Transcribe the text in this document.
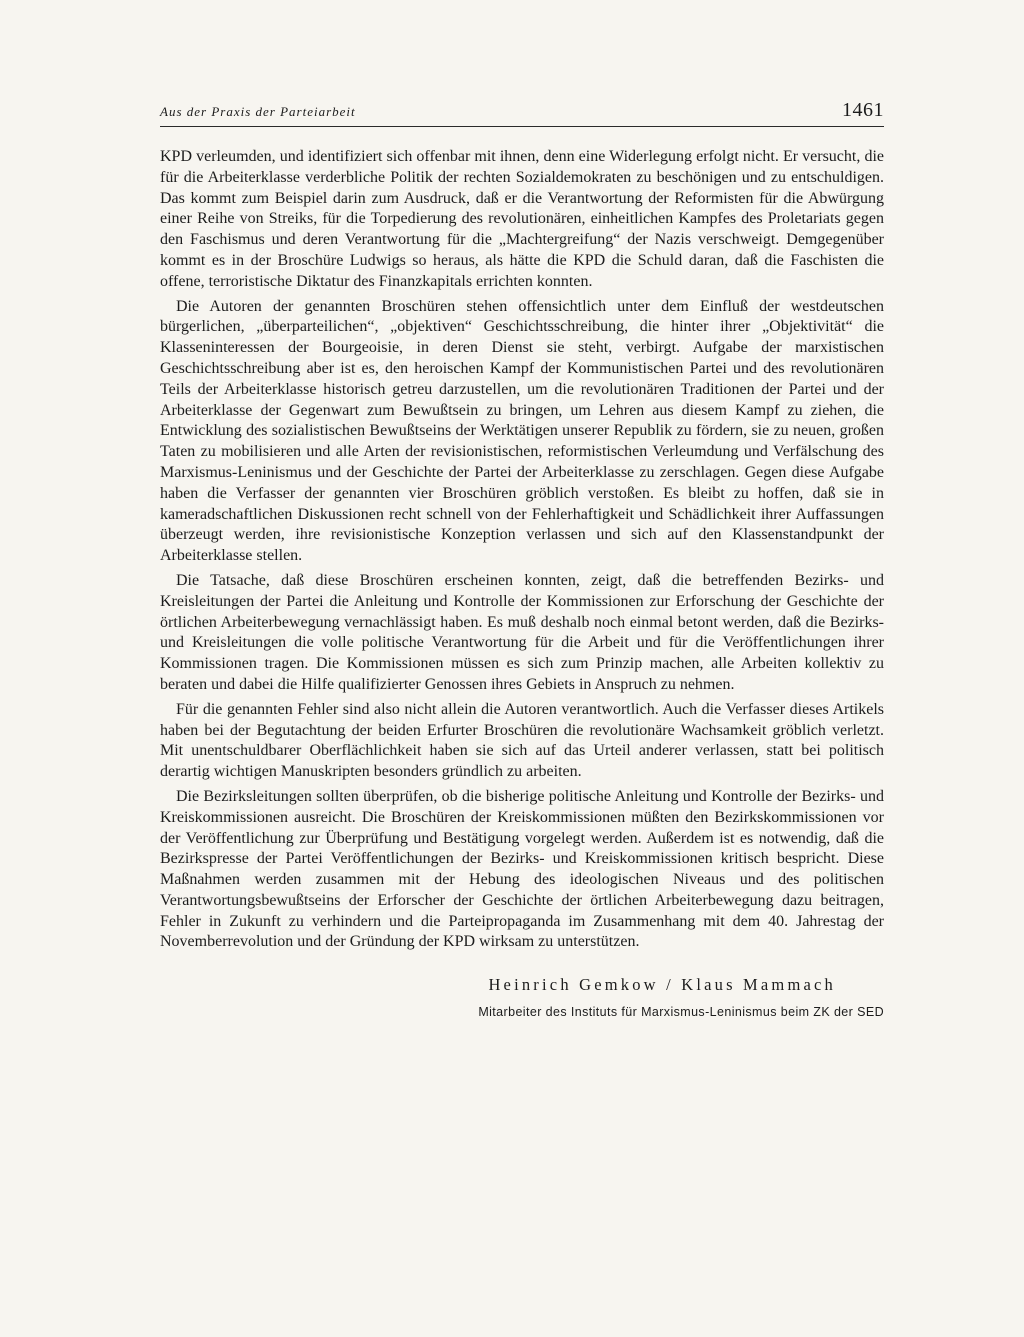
Aus der Praxis der Parteiarbeit	1461

KPD verleumden, und identifiziert sich offenbar mit ihnen, denn eine Widerlegung erfolgt nicht. Er versucht, die für die Arbeiterklasse verderbliche Politik der rechten Sozialdemokraten zu beschönigen und zu entschuldigen. Das kommt zum Beispiel darin zum Ausdruck, daß er die Verantwortung der Reformisten für die Abwürgung einer Reihe von Streiks, für die Torpedierung des revolutionären, einheitlichen Kampfes des Proletariats gegen den Faschismus und deren Verantwortung für die „Machtergreifung“ der Nazis verschweigt. Demgegenüber kommt es in der Broschüre Ludwigs so heraus, als hätte die KPD die Schuld daran, daß die Faschisten die offene, terroristische Diktatur des Finanzkapitals errichten konnten.

Die Autoren der genannten Broschüren stehen offensichtlich unter dem Einfluß der westdeutschen bürgerlichen, „überparteilichen“, „objektiven“ Geschichtsschreibung, die hinter ihrer „Objektivität“ die Klasseninteressen der Bourgeoisie, in deren Dienst sie steht, verbirgt. Aufgabe der marxistischen Geschichtsschreibung aber ist es, den heroischen Kampf der Kommunistischen Partei und des revolutionären Teils der Arbeiterklasse historisch getreu darzustellen, um die revolutionären Traditionen der Partei und der Arbeiterklasse der Gegenwart zum Bewußtsein zu bringen, um Lehren aus diesem Kampf zu ziehen, die Entwicklung des sozialistischen Bewußtseins der Werktätigen unserer Republik zu fördern, sie zu neuen, großen Taten zu mobilisieren und alle Arten der revisionistischen, reformistischen Verleumdung und Verfälschung des Marxismus-Leninismus und der Geschichte der Partei der Arbeiterklasse zu zerschlagen. Gegen diese Aufgabe haben die Verfasser der genannten vier Broschüren gröblich verstoßen. Es bleibt zu hoffen, daß sie in kameradschaftlichen Diskussionen recht schnell von der Fehlerhaftigkeit und Schädlichkeit ihrer Auffassungen überzeugt werden, ihre revisionistische Konzeption verlassen und sich auf den Klassenstandpunkt der Arbeiterklasse stellen.

Die Tatsache, daß diese Broschüren erscheinen konnten, zeigt, daß die betreffenden Bezirks- und Kreisleitungen der Partei die Anleitung und Kontrolle der Kommissionen zur Erforschung der Geschichte der örtlichen Arbeiterbewegung vernachlässigt haben. Es muß deshalb noch einmal betont werden, daß die Bezirks- und Kreisleitungen die volle politische Verantwortung für die Arbeit und für die Veröffentlichungen ihrer Kommissionen tragen. Die Kommissionen müssen es sich zum Prinzip machen, alle Arbeiten kollektiv zu beraten und dabei die Hilfe qualifizierter Genossen ihres Gebiets in Anspruch zu nehmen.

Für die genannten Fehler sind also nicht allein die Autoren verantwortlich. Auch die Verfasser dieses Artikels haben bei der Begutachtung der beiden Erfurter Broschüren die revolutionäre Wachsamkeit gröblich verletzt. Mit unentschuldbarer Oberflächlichkeit haben sie sich auf das Urteil anderer verlassen, statt bei politisch derartig wichtigen Manuskripten besonders gründlich zu arbeiten.

Die Bezirksleitungen sollten überprüfen, ob die bisherige politische Anleitung und Kontrolle der Bezirks- und Kreiskommissionen ausreicht. Die Broschüren der Kreiskommissionen müßten den Bezirkskommissionen vor der Veröffentlichung zur Überprüfung und Bestätigung vorgelegt werden. Außerdem ist es notwendig, daß die Bezirkspresse der Partei Veröffentlichungen der Bezirks- und Kreiskommissionen kritisch bespricht. Diese Maßnahmen werden zusammen mit der Hebung des ideologischen Niveaus und des politischen Verantwortungsbewußtseins der Erforscher der Geschichte der örtlichen Arbeiterbewegung dazu beitragen, Fehler in Zukunft zu verhindern und die Parteipropaganda im Zusammenhang mit dem 40. Jahrestag der Novemberrevolution und der Gründung der KPD wirksam zu unterstützen.

Heinrich Gemkow / Klaus Mammach
Mitarbeiter des Instituts für Marxismus-Leninismus beim ZK der SED
